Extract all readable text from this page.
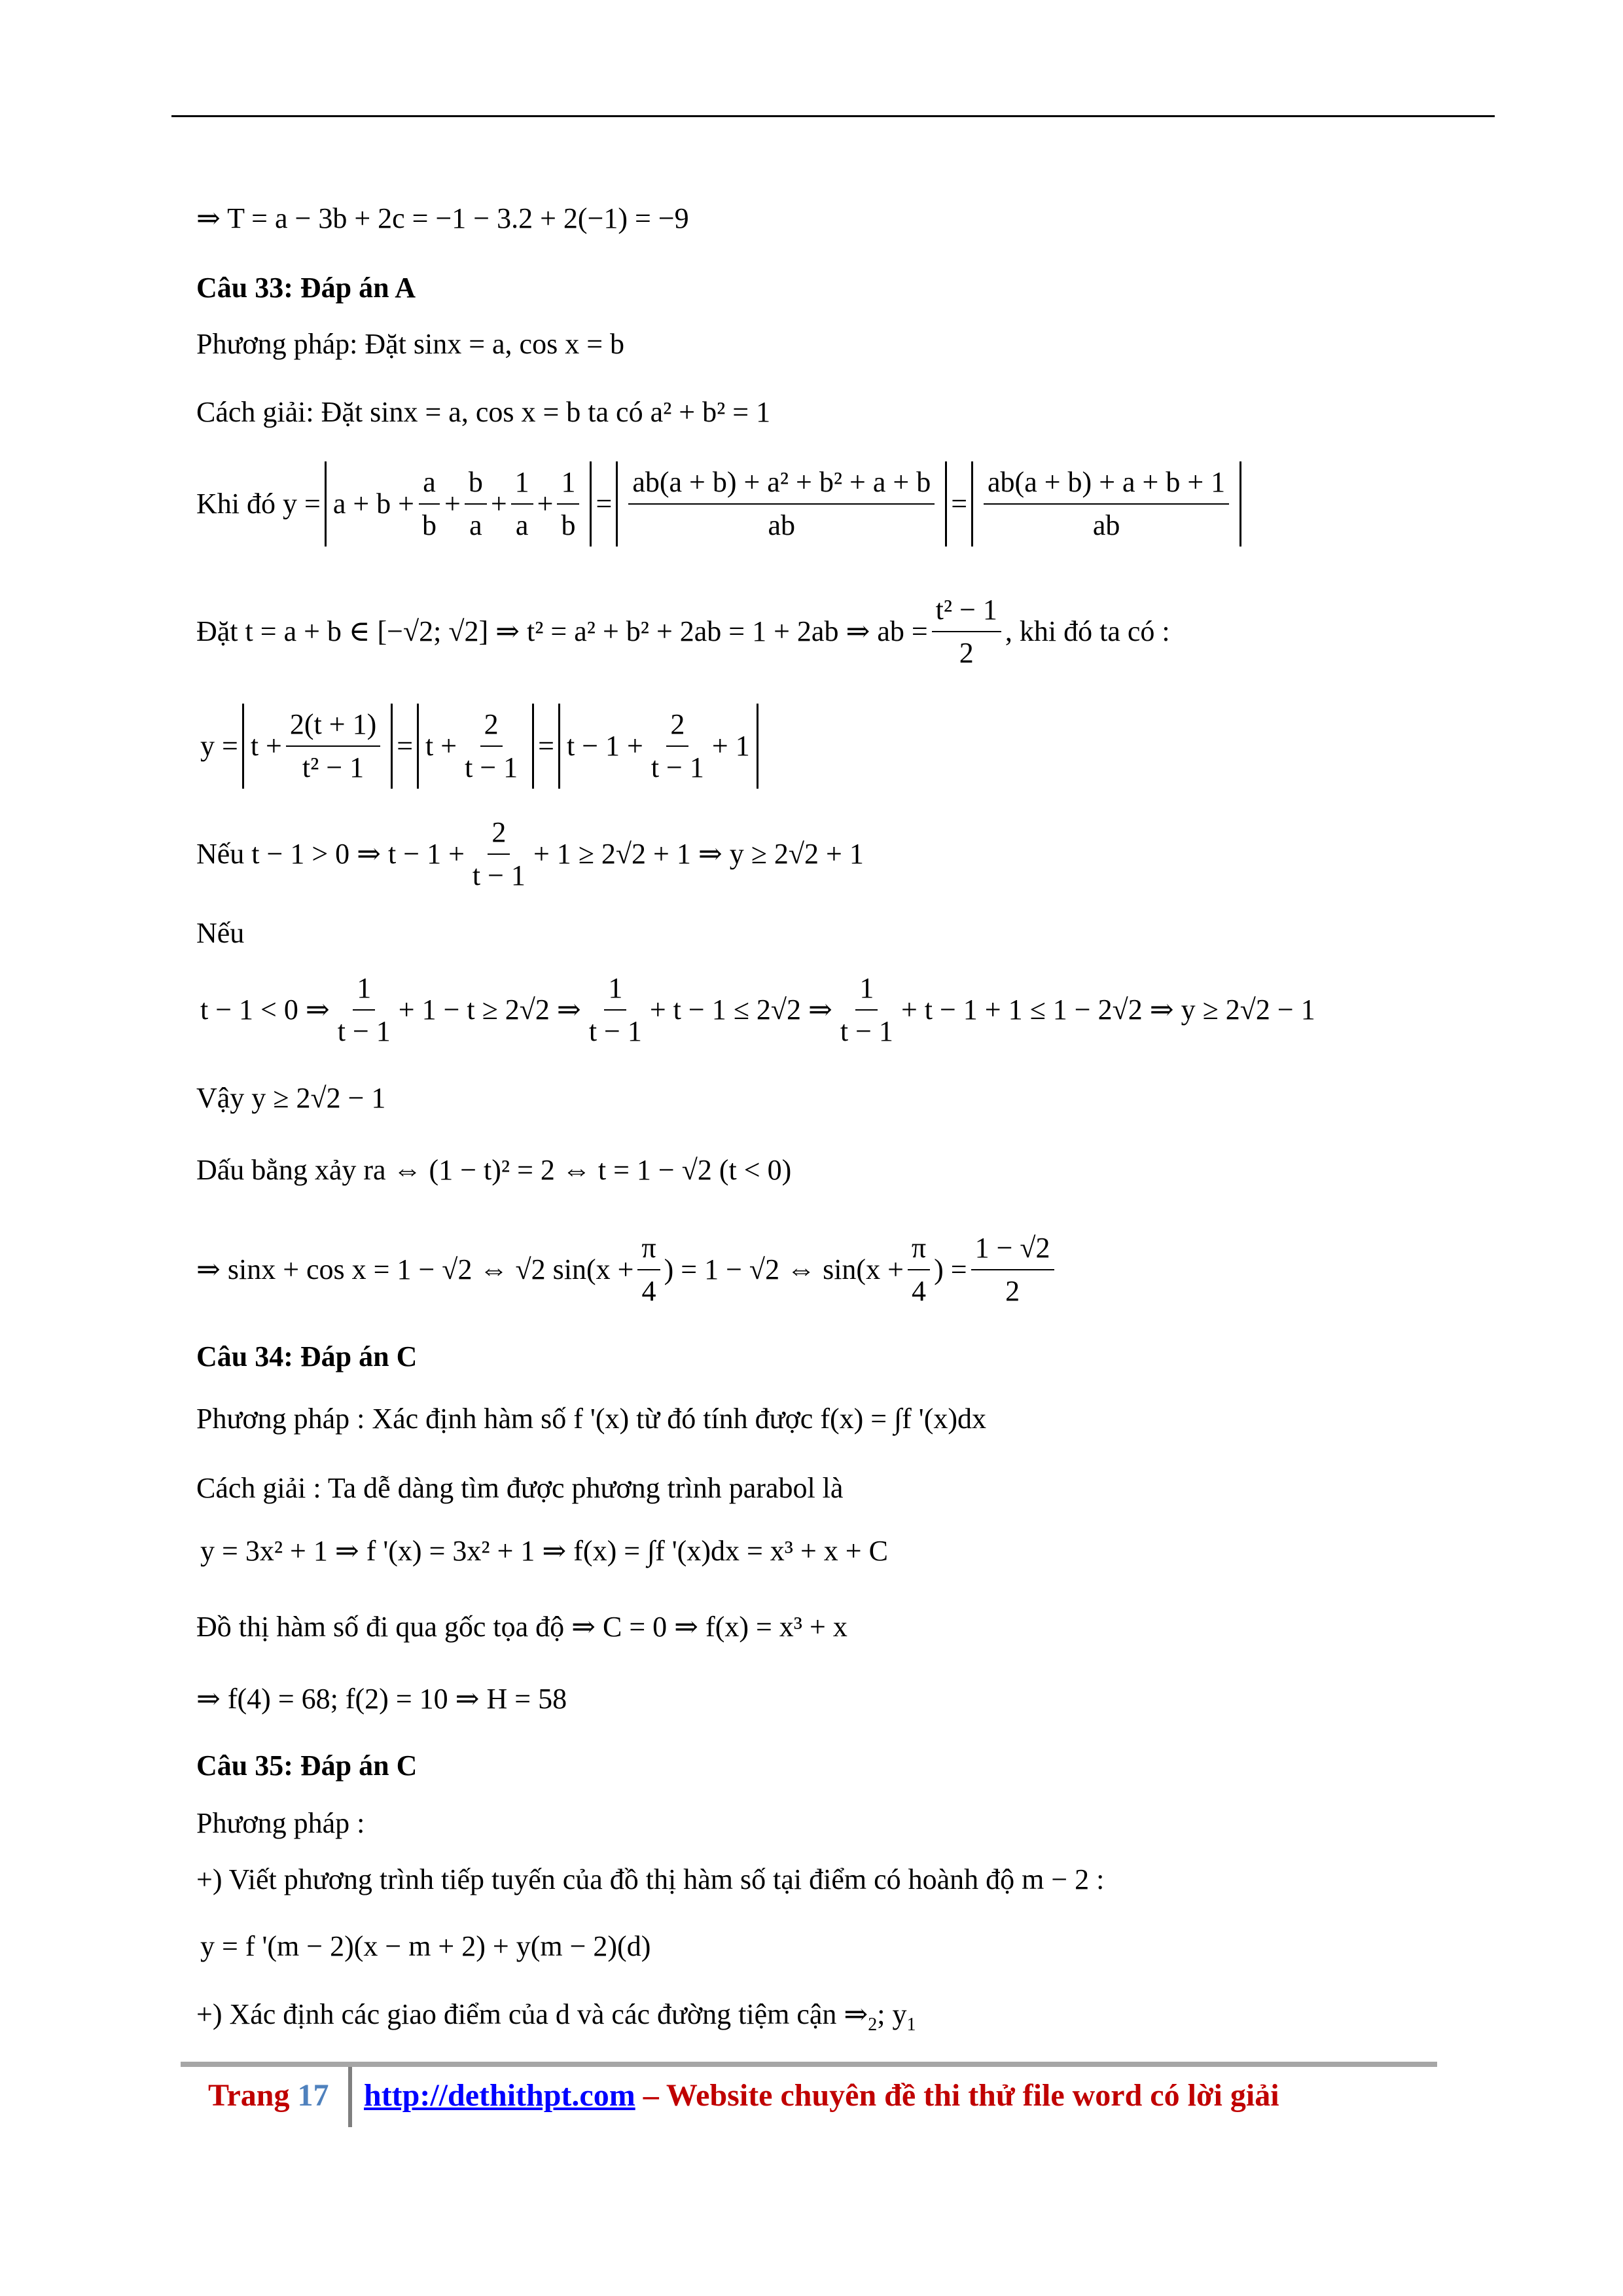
⇒ T = a − 3b + 2c = −1 − 3.2 + 2(−1) = −9
Câu 33: Đáp án A
Phương pháp: Đặt sinx = a, cos x = b
Cách giải: Đặt sinx = a, cos x = b ta có a² + b² = 1
Khi đó
$y = a + b + \frac{a}{b} + \frac{b}{a} + \frac{1}{a} + \frac{1}{b} = \frac{\text{ab(a + b) + a² + b² + a + b}}{ab} = \frac{ab(a + b) + a + b + 1}{ab}$
Đặt t = a + b ∈ [−√2; √2] ⇒ t² = a² + b² + 2ab = 1 + 2ab ⇒ ab = $\frac{\text{t² − 1}}{2}$ , khi đó ta có :
$y = t + \frac{2(t + 1)}{\text{t² − 1}} = t + \frac{2}{t - 1} = t - 1 + \frac{2}{t - 1} + 1$
Nếu t − 1 > 0 ⇒ $t - 1 + \frac{2}{t - 1} + 1 \ge 2√2 + 1$ ⇒ y ≥ 2√2 + 1
Nếu
t − 1 < 0 ⇒ $\frac{1}{t - 1} + 1 - t \ge 2√2$ ⇒ $\frac{1}{t - 1} + t - 1 \le 2√2$ ⇒ $\frac{1}{t - 1} + t - 1 + 1 \le 1 - 2√2$ ⇒ y ≥ 2√2 − 1
Vậy y ≥ 2√2 − 1
Dấu bằng xảy ra ⇔ (1 − t)² = 2 ⇔ t = 1 − √2 (t < 0)
⇒ sinx + cos x = 1 − √2 ⇔ √2 $\sin(x + \frac{\pi}{4}$ ) = 1 − √2 ⇔ $\sin(x + \frac{\pi}{4}$ ) = $\frac{1 - √2}{2}$
Câu 34: Đáp án C
Phương pháp : Xác định hàm số f '(x) từ đó tính được f(x) = ∫f '(x)dx
Cách giải : Ta dễ dàng tìm được phương trình parabol là
y = 3x² + 1 ⇒ f '(x) = 3x² + 1 ⇒ f(x) = ∫f '(x)dx = x³ + x + C
Đồ thị hàm số đi qua gốc tọa độ ⇒ C = 0 ⇒ f(x) = x³ + x
⇒ f(4) = 68; f(2) = 10 ⇒ H = 58
Câu 35: Đáp án C
Phương pháp :
+) Viết phương trình tiếp tuyến của đồ thị hàm số tại điểm có hoành độ m − 2 :
y = f '(m − 2)(x − m + 2) + y(m − 2)(d)
+) Xác định các giao điểm của d và các đường tiệm cận $\Rightarrow_2$; $y_1$
Trang 17 http://dethithpt.com – Website chuyên đề thi thử file word có lời giải
